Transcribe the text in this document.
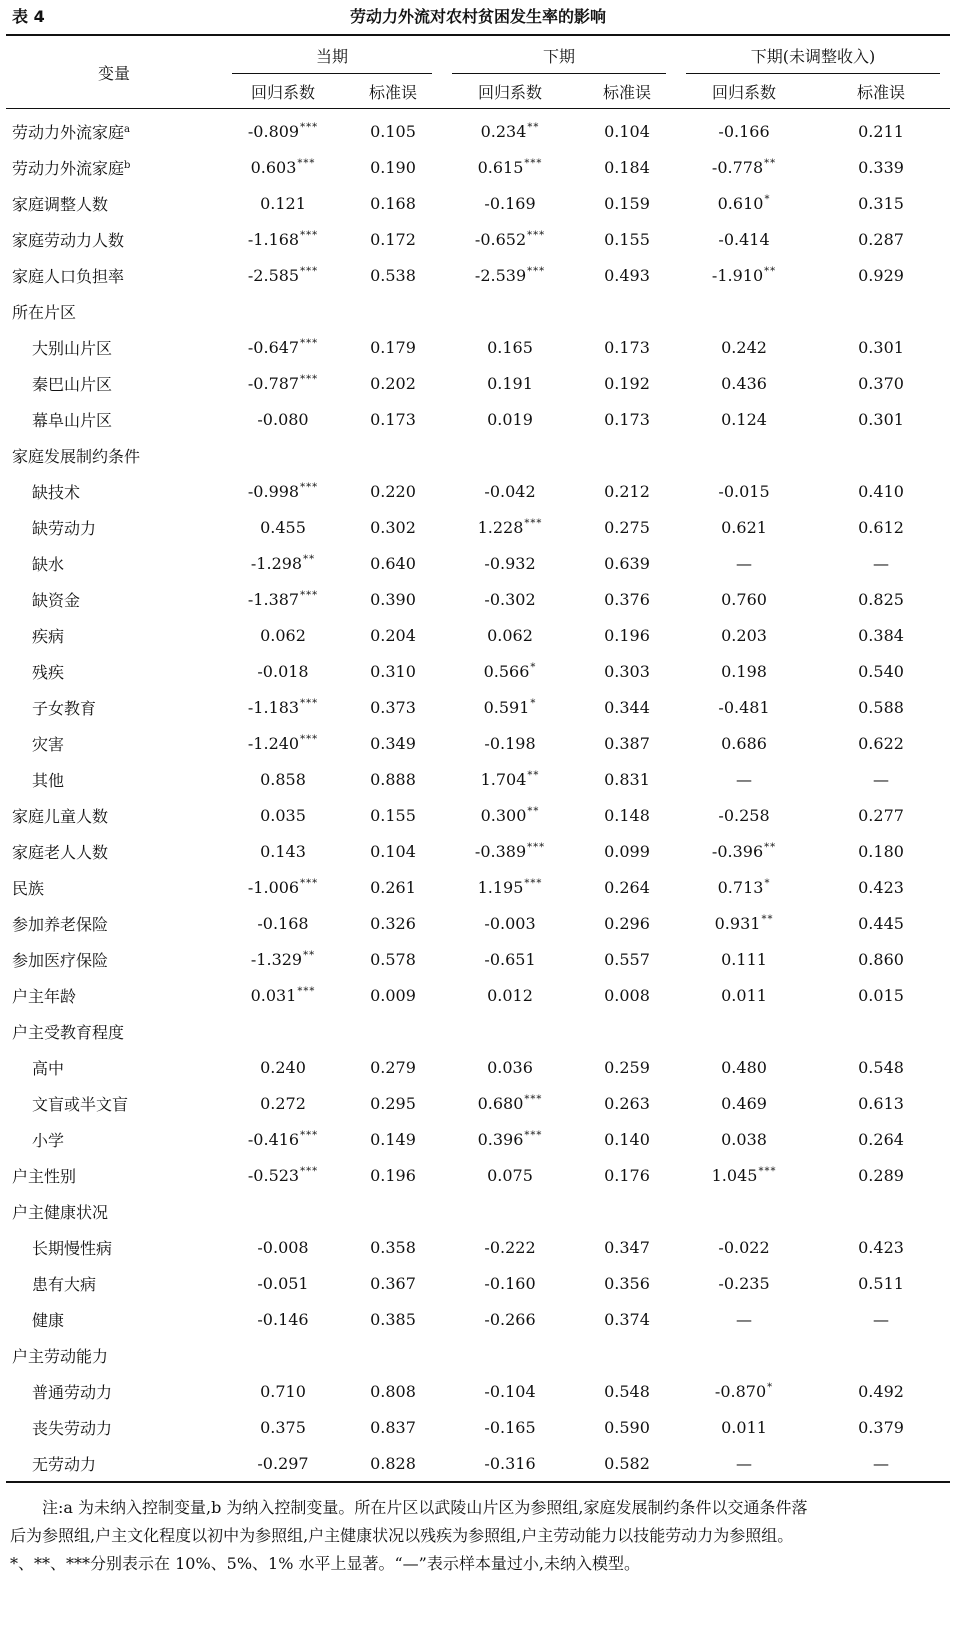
表 4	劳动力外流对农村贫困发生率的影响
变量	当期		下期		下期(未调整收入)	
	回归系数	标准误	回归系数	标准误	回归系数	标准误
劳动力外流家庭$^a$	-0.809***	0.105	0.234**	0.104	-0.166	0.211
劳动力外流家庭$^b$	0.603***	0.190	0.615***	0.184	-0.778**	0.339
家庭调整人数	0.121	0.168	-0.169	0.159	0.610*	0.315
家庭劳动力人数	-1.168***	0.172	-0.652***	0.155	-0.414	0.287
家庭人口负担率	-2.585***	0.538	-2.539***	0.493	-1.910**	0.929
所在片区						
大别山片区	-0.647***	0.179	0.165	0.173	0.242	0.301
秦巴山片区	-0.787***	0.202	0.191	0.192	0.436	0.370
幕阜山片区	-0.080	0.173	0.019	0.173	0.124	0.301
家庭发展制约条件						
缺技术	-0.998***	0.220	-0.042	0.212	-0.015	0.410
缺劳动力	0.455	0.302	1.228***	0.275	0.621	0.612
缺水	-1.298**	0.640	-0.932	0.639	—	—
缺资金	-1.387***	0.390	-0.302	0.376	0.760	0.825
疾病	0.062	0.204	0.062	0.196	0.203	0.384
残疾	-0.018	0.310	0.566*	0.303	0.198	0.540
子女教育	-1.183***	0.373	0.591*	0.344	-0.481	0.588
灾害	-1.240***	0.349	-0.198	0.387	0.686	0.622
其他	0.858	0.888	1.704**	0.831	—	—
家庭儿童人数	0.035	0.155	0.300**	0.148	-0.258	0.277
家庭老人人数	0.143	0.104	-0.389***	0.099	-0.396**	0.180
民族	-1.006***	0.261	1.195***	0.264	0.713*	0.423
参加养老保险	-0.168	0.326	-0.003	0.296	0.931**	0.445
参加医疗保险	-1.329**	0.578	-0.651	0.557	0.111	0.860
户主年龄	0.031***	0.009	0.012	0.008	0.011	0.015
户主受教育程度						
高中	0.240	0.279	0.036	0.259	0.480	0.548
文盲或半文盲	0.272	0.295	0.680***	0.263	0.469	0.613
小学	-0.416***	0.149	0.396***	0.140	0.038	0.264
户主性别	-0.523***	0.196	0.075	0.176	1.045***	0.289
户主健康状况						
长期慢性病	-0.008	0.358	-0.222	0.347	-0.022	0.423
患有大病	-0.051	0.367	-0.160	0.356	-0.235	0.511
健康	-0.146	0.385	-0.266	0.374	—	—
户主劳动能力						
普通劳动力	0.710	0.808	-0.104	0.548	-0.870*	0.492
丧失劳动力	0.375	0.837	-0.165	0.590	0.011	0.379
无劳动力	-0.297	0.828	-0.316	0.582	—	—

注:a 为未纳入控制变量,b 为纳入控制变量。所在片区以武陵山片区为参照组,家庭发展制约条件以交通条件落

后为参照组,户主文化程度以初中为参照组,户主健康状况以残疾为参照组,户主劳动能力以技能劳动力为参照组。

*、**、***分别表示在 10%、5%、1% 水平上显著。“—”表示样本量过小,未纳入模型。
